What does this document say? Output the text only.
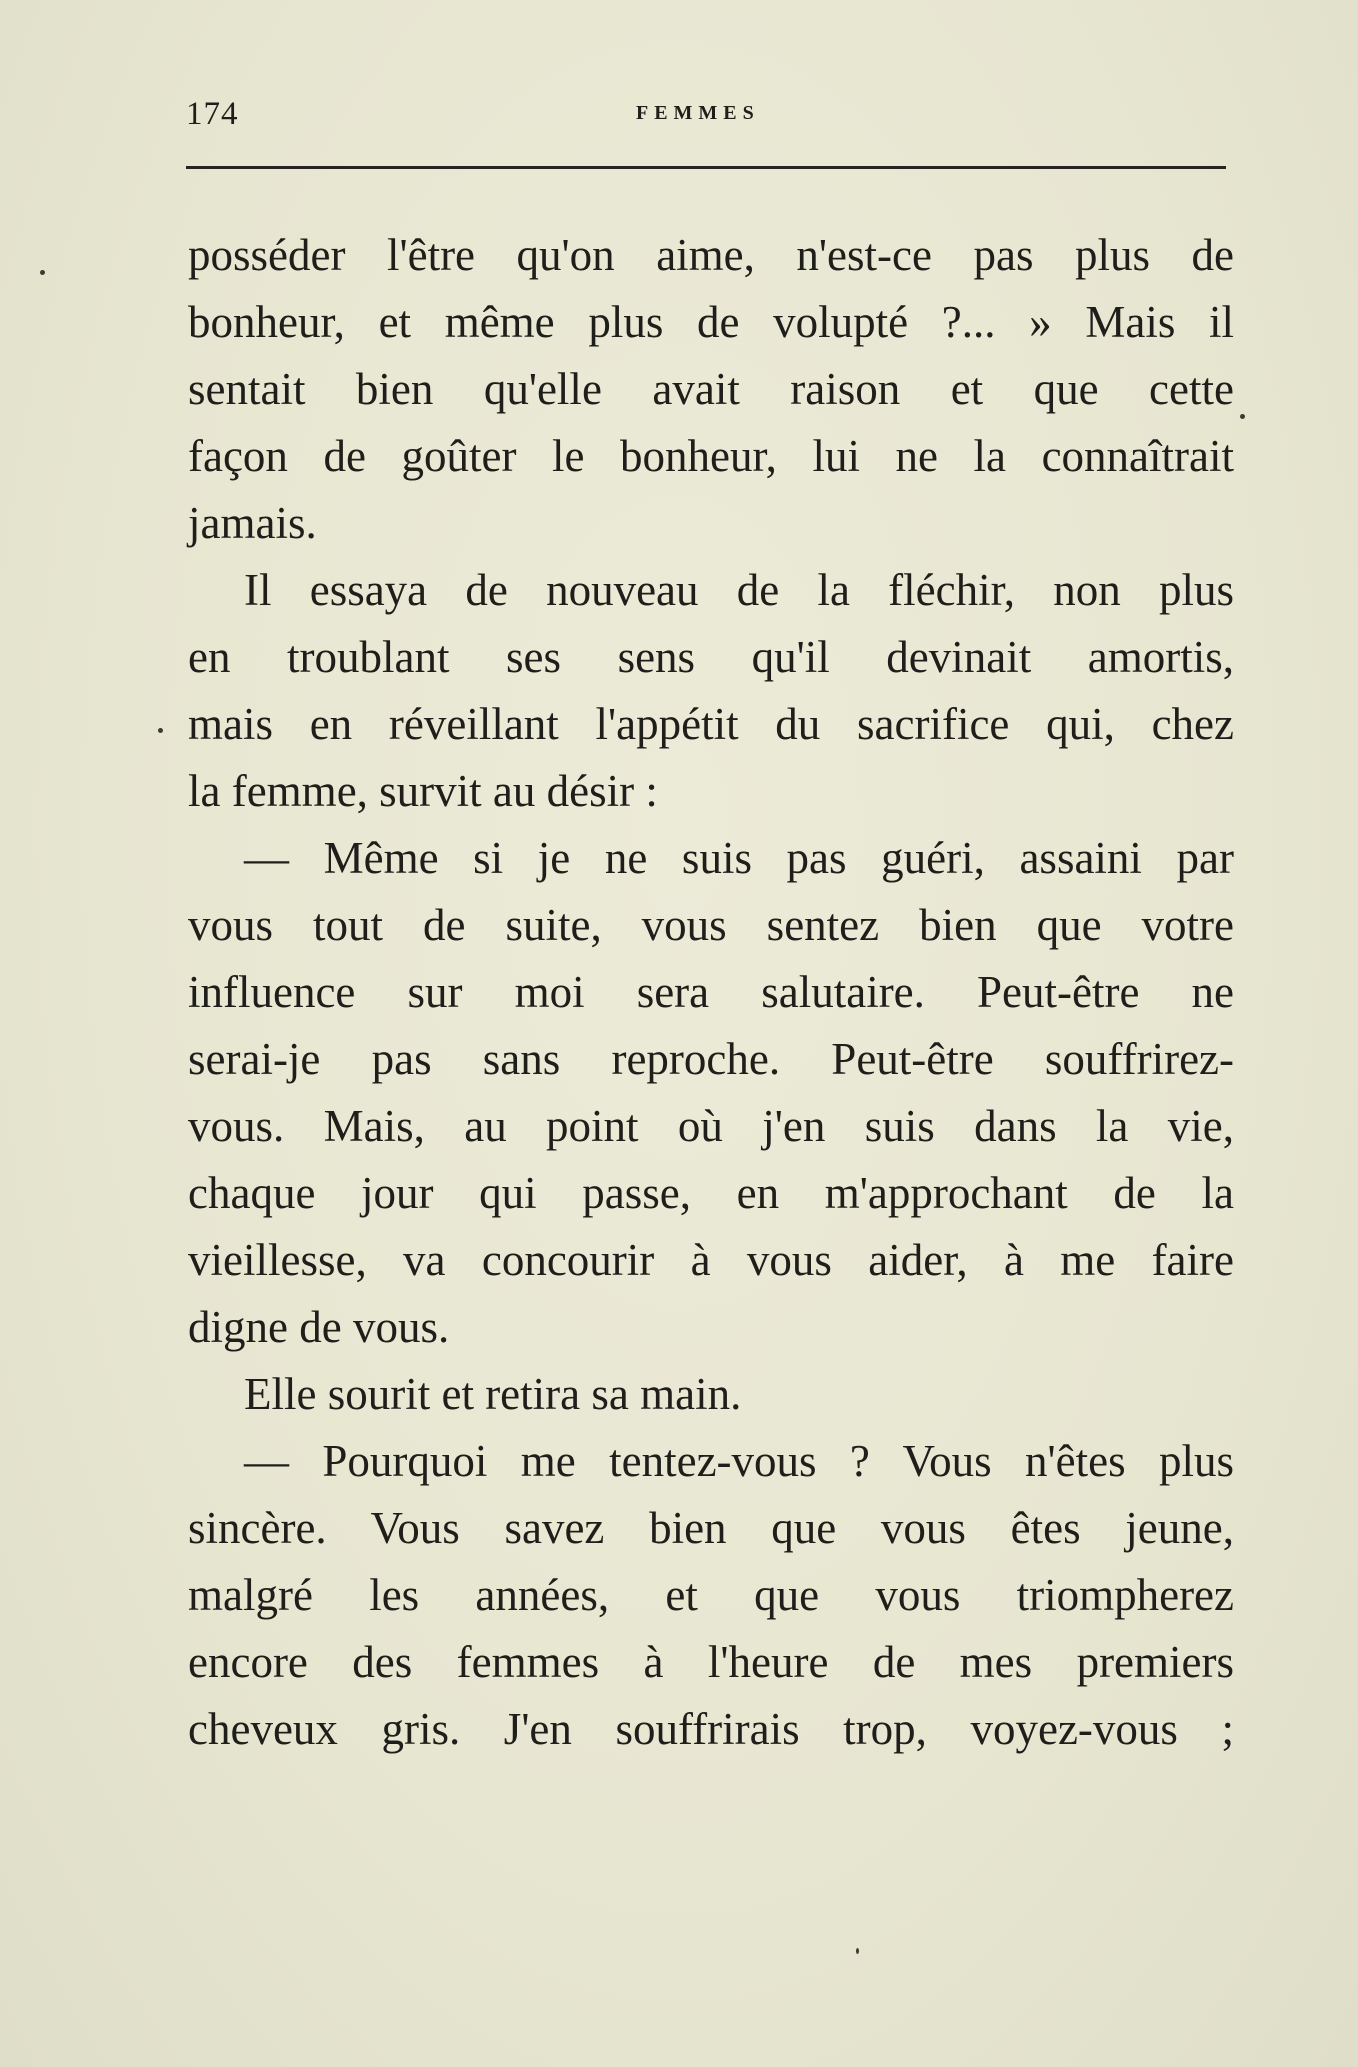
174	FEMMES
posséder l'être qu'on aime, n'est-ce pas plus de
bonheur, et même plus de volupté ?... » Mais il
sentait bien qu'elle avait raison et que cette
façon de goûter le bonheur, lui ne la connaîtrait
jamais.
Il essaya de nouveau de la fléchir, non plus
en troublant ses sens qu'il devinait amortis,
mais en réveillant l'appétit du sacrifice qui, chez
la femme, survit au désir :
— Même si je ne suis pas guéri, assaini par
vous tout de suite, vous sentez bien que votre
influence sur moi sera salutaire. Peut-être ne
serai-je pas sans reproche. Peut-être souffrirez-
vous. Mais, au point où j'en suis dans la vie,
chaque jour qui passe, en m'approchant de la
vieillesse, va concourir à vous aider, à me faire
digne de vous.
Elle sourit et retira sa main.
— Pourquoi me tentez-vous ? Vous n'êtes plus
sincère. Vous savez bien que vous êtes jeune,
malgré les années, et que vous triompherez
encore des femmes à l'heure de mes premiers
cheveux gris. J'en souffrirais trop, voyez-vous ;
